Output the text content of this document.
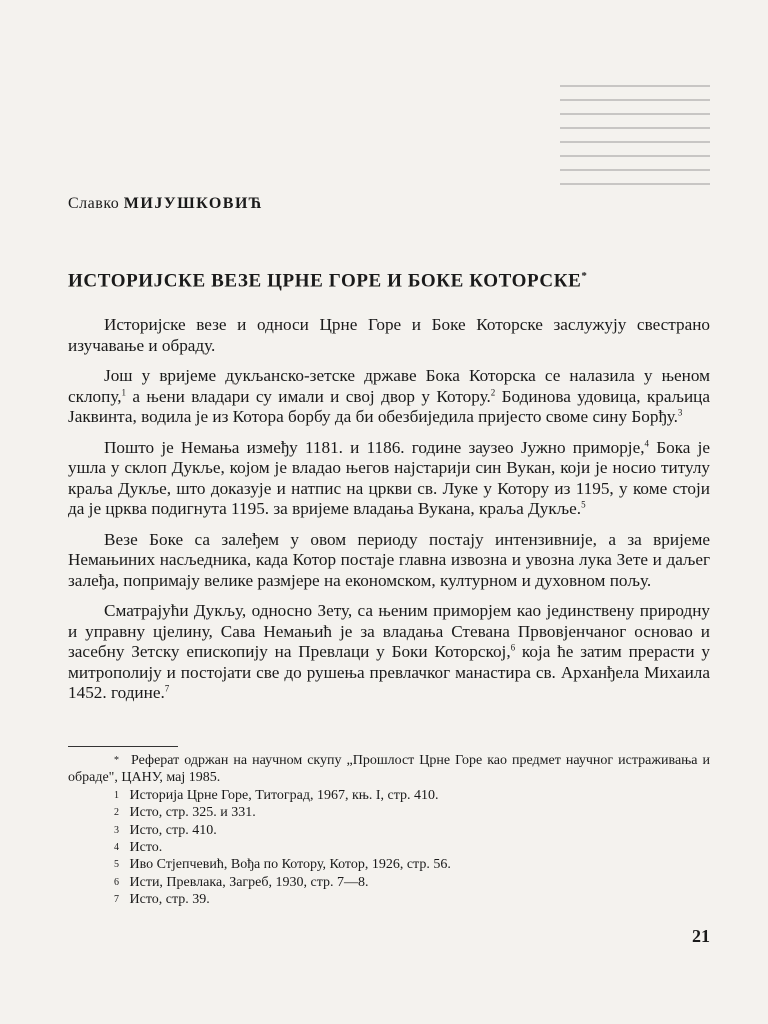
Славко МИЈУШКОВИЋ
ИСТОРИЈСКЕ ВЕЗЕ ЦРНЕ ГОРЕ И БОКЕ КОТОРСКЕ*

Историјске везе и односи Црне Горе и Боке Которске заслужују свестрано изучавање и обраду.

Још у вријеме дукљанско-зетске државе Бока Которска се налазила у њеном склопу,$^1$ а њени владари су имали и свој двор у Котору.$^2$ Бодинова удовица, краљица Јаквинта, водила је из Котора борбу да би обезбиједила пријесто своме сину Борђу.$^3$

Пошто је Немања између 1181. и 1186. године заузео Јужно приморје,$^4$ Бока је ушла у склоп Дукље, којом је владао његов најстарији син Вукан, који је носио титулу краља Дукље, што доказује и натпис на цркви св. Луке у Котору из 1195, у коме стоји да је црква подигнута 1195. за вријеме владања Вукана, краља Дукље.$^5$

Везе Боке са залеђем у овом периоду постају интензивније, а за вријеме Немањиних насљедника, када Котор постаје главна извозна и увозна лука Зете и даљег залеђа, попримају велике размјере на економском, културном и духовном пољу.

Сматрајући Дукљу, односно Зету, са њеним приморјем као јединствену природну и управну цјелину, Сава Немањић је за владања Стевана Првовјенчаног основао и засебну Зетску епископију на Превлаци у Боки Которској,$^6$ која ће затим прерасти у митрополију и постојати све до рушења превлачког манастира св. Арханђела Михаила 1452. године.$^7$

* Реферат одржан на научном скупу „Прошлост Црне Горе као предмет научног истраживања и обраде", ЦАНУ, мај 1985.

1 Историја Црне Горе, Титоград, 1967, књ. I, стр. 410.

2 Исто, стр. 325. и 331.

3 Исто, стр. 410.

4 Исто.

5 Иво Стјепчевић, Вођа по Котору, Котор, 1926, стр. 56.

6 Исти, Превлака, Загреб, 1930, стр. 7—8.

7 Исто, стр. 39.

21
